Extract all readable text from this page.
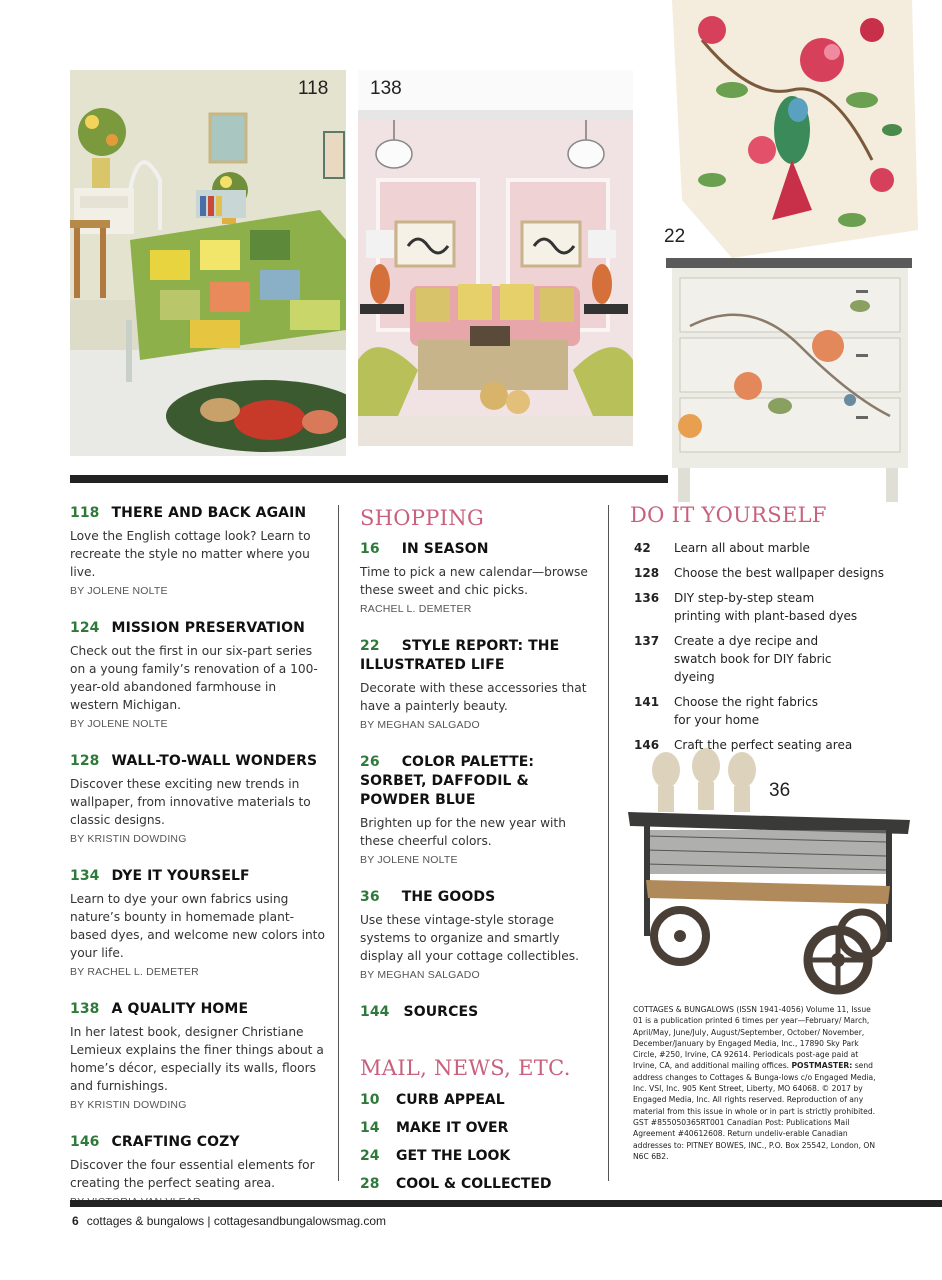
118 138
22
36
118 THERE AND BACK AGAIN
Love the English cottage look? Learn to recreate the style no matter where you live.
BY JOLENE NOLTE
124 MISSION PRESERVATION
Check out the first in our six-part series on a young family’s renovation of a 100-year-old abandoned farmhouse in western Michigan.
BY JOLENE NOLTE
128 WALL-TO-WALL WONDERS
Discover these exciting new trends in wallpaper, from innovative materials to classic designs.
BY KRISTIN DOWDING
134 DYE IT YOURSELF
Learn to dye your own fabrics using nature’s bounty in homemade plant-based dyes, and welcome new colors into your life.
BY RACHEL L. DEMETER
138 A QUALITY HOME
In her latest book, designer Christiane Lemieux explains the finer things about a home’s décor, especially its walls, floors and furnishings.
BY KRISTIN DOWDING
146 CRAFTING COZY
Discover the four essential elements for creating the perfect seating area.
SHOPPING
16 IN SEASON
Time to pick a new calendar—browse these sweet and chic picks.
RACHEL L. DEMETER
22 STYLE REPORT: THE ILLUSTRATED LIFE
Decorate with these accessories that have a painterly beauty.
BY MEGHAN SALGADO
26 COLOR PALETTE: SORBET, DAFFODIL & POWDER BLUE
Brighten up for the new year with these cheerful colors.
BY JOLENE NOLTE
36 THE GOODS
Use these vintage-style storage systems to organize and smartly display all your cottage collectibles.
BY MEGHAN SALGADO
144 SOURCES
MAIL, NEWS, ETC.
10 CURB APPEAL
14 MAKE IT OVER
24 GET THE LOOK
28 COOL & COLLECTED
DO IT YOURSELF
42	Learn all about marble
128	Choose the best wallpaper designs
136	DIY step-by-step steam printing with plant-based dyes
137	Create a dye recipe and swatch book for DIY fabric dyeing
141	Choose the right fabrics for your home
146	Craft the perfect seating area
COTTAGES & BUNGALOWS (ISSN 1941-4056) Volume 11, Issue 01 is a publication printed 6 times per year—February/ March, April/May, June/July, August/September, October/ November, December/January by Engaged Media, Inc., 17890 Sky Park Circle, #250, Irvine, CA 92614. Periodicals post-age paid at Irvine, CA, and additional mailing offices. POSTMASTER: send address changes to Cottages & Bunga-lows c/o Engaged Media, Inc. VSI, Inc. 905 Kent Street, Liberty, MO 64068. © 2017 by Engaged Media, Inc. All rights reserved. Reproduction of any material from this issue in whole or in part is strictly prohibited. GST #855050365RT001 Canadian Post: Publications Mail Agreement #40612608. Return undeliv-erable Canadian addresses to: PITNEY BOWES, INC., P.O. Box 25542, London, ON N6C 6B2.
6 cottages & bungalows | cottagesandbungalowsmag.com
